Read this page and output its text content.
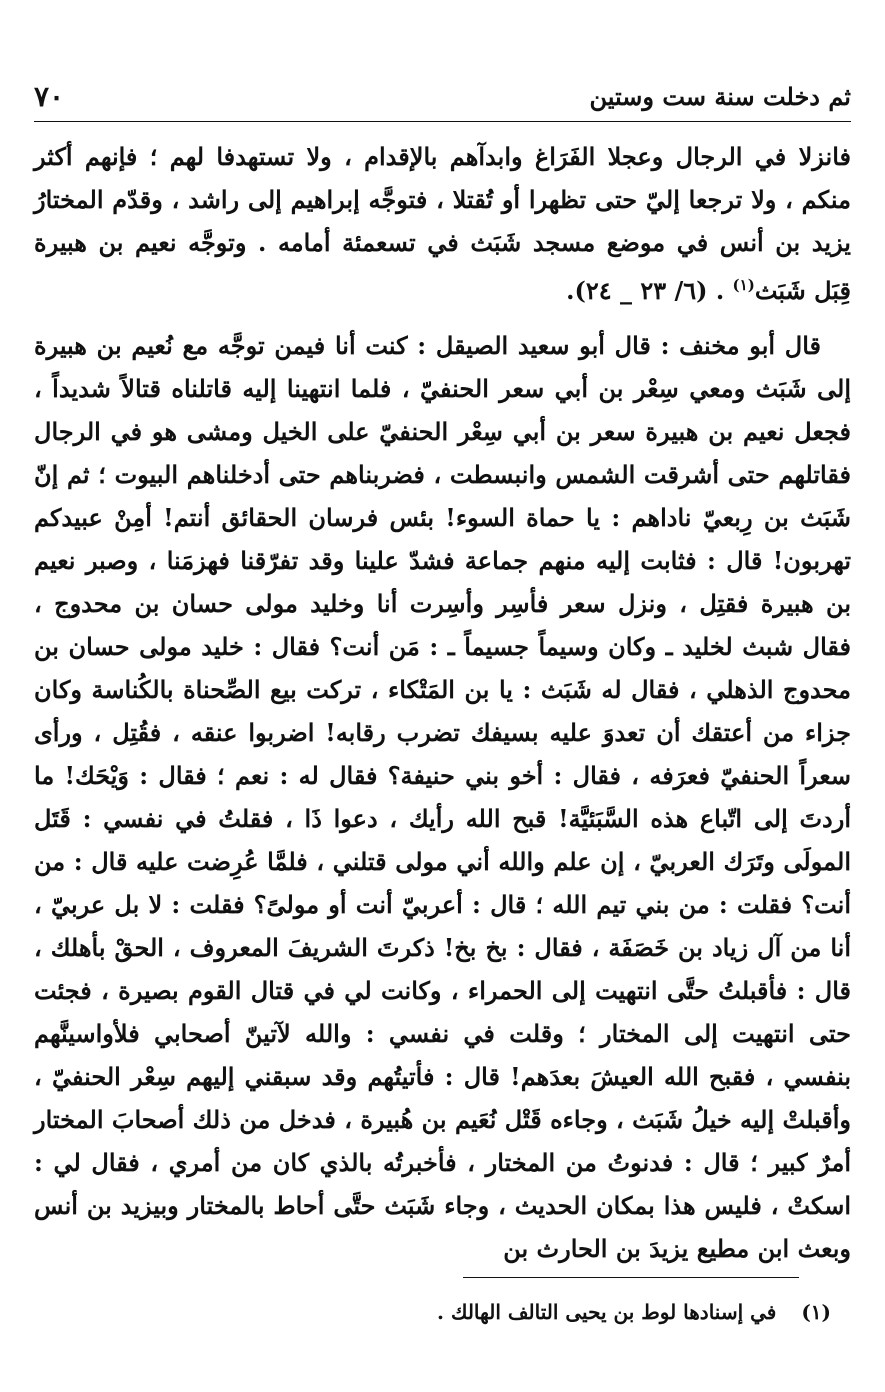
٧٠	ثم دخلت سنة ست وستين

فانزلا في الرجال وعجلا الفَرَاغ وابدآهم بالإقدام ، ولا تستهدفا لهم ؛ فإنهم أكثر منكم ، ولا ترجعا إليّ حتى تظهرا أو تُقتلا ، فتوجَّه إبراهيم إلى راشد ، وقدّم المختارُ يزيد بن أنس في موضع مسجد شَبَث في تسعمئة أمامه . وتوجَّه نعيم بن هبيرة قِبَل شَبَث$^{(١)}$ . (٦/ ٢٣ _ ٢٤).

قال أبو مخنف : قال أبو سعيد الصيقل : كنت أنا فيمن توجَّه مع نُعيم بن هبيرة إلى شَبَث ومعي سِعْر بن أبي سعر الحنفيّ ، فلما انتهينا إليه قاتلناه قتالاً شديداً ، فجعل نعيم بن هبيرة سعر بن أبي سِعْر الحنفيّ على الخيل ومشى هو في الرجال فقاتلهم حتى أشرقت الشمس وانبسطت ، فضربناهم حتى أدخلناهم البيوت ؛ ثم إنّ شَبَث بن رِبعيّ ناداهم : يا حماة السوء! بئس فرسان الحقائق أنتم! أمِنْ عبيدكم تهربون! قال : فثابت إليه منهم جماعة فشدّ علينا وقد تفرّقنا فهزمَنا ، وصبر نعيم بن هبيرة فقتِل ، ونزل سعر فأسِر وأسِرت أنا وخليد مولى حسان بن محدوج ، فقال شبث لخليد ـ وكان وسيماً جسيماً ـ : مَن أنت؟ فقال : خليد مولى حسان بن محدوج الذهلي ، فقال له شَبَث : يا بن المَتْكاء ، تركت بيع الصِّحناة بالكُناسة وكان جزاء من أعتقك أن تعدوَ عليه بسيفك تضرب رقابه! اضربوا عنقه ، فقُتِل ، ورأى سعراً الحنفيّ فعرَفه ، فقال : أخو بني حنيفة؟ فقال له : نعم ؛ فقال : وَيْحَك! ما أردتَ إلى اتّباع هذه السَّبَئيَّة! قبح الله رأيك ، دعوا ذَا ، فقلتُ في نفسي : قَتَل المولَى وتَرَك العربيّ ، إن علم والله أني مولى قتلني ، فلمَّا عُرِضت عليه قال : من أنت؟ فقلت : من بني تيم الله ؛ قال : أعربيّ أنت أو مولىً؟ فقلت : لا بل عربيّ ، أنا من آل زياد بن خَصَفَة ، فقال : بخ بخ! ذكرتَ الشريفَ المعروف ، الحقْ بأهلك ، قال : فأقبلتُ حتَّى انتهيت إلى الحمراء ، وكانت لي في قتال القوم بصيرة ، فجئت حتى انتهيت إلى المختار ؛ وقلت في نفسي : والله لآتينّ أصحابي فلأواسينَّهم بنفسي ، فقبح الله العيشَ بعدَهم! قال : فأتيتُهم وقد سبقني إليهم سِعْر الحنفيّ ، وأقبلتْ إليه خيلُ شَبَث ، وجاءه قَتْل نُعَيم بن هُبيرة ، فدخل من ذلك أصحابَ المختار أمرٌ كبير ؛ قال : فدنوتُ من المختار ، فأخبرتُه بالذي كان من أمري ، فقال لي : اسكتْ ، فليس هذا بمكان الحديث ، وجاء شَبَث حتَّى أحاط بالمختار وبيزيد بن أنس وبعث ابن مطيع يزيدَ بن الحارث بن

(١) في إسنادها لوط بن يحيى التالف الهالك .
